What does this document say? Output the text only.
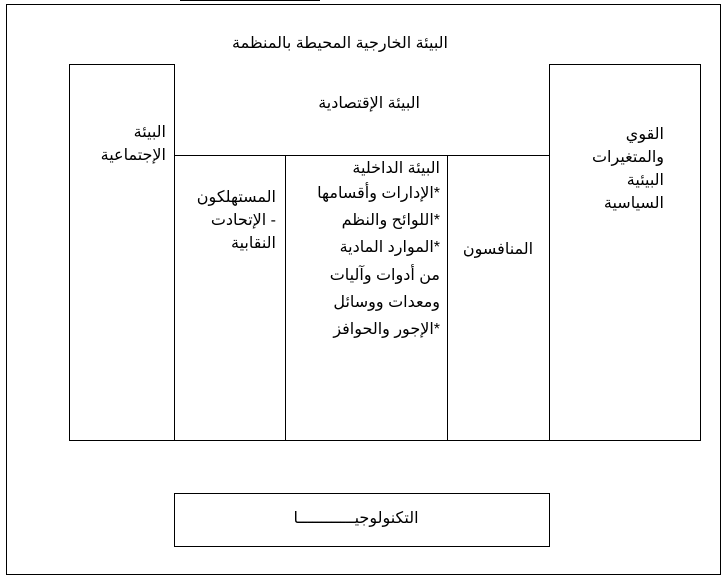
البيئة الخارجية المحيطة بالمنظمة
البيئة
الإجتماعية
البيئة الإقتصادية
القوي
والمتغيرات
البيئية
السياسية
المستهلكون
- الإتحادت
النقابية
البيئة الداخلية
*الإدارات وأقسامها
*اللوائح والنظم
*الموارد المادية
من أدوات وآليات
ومعدات ووسائل
*الإجور والحوافز
المنافسون
التكنولوجيــــــــــــا
